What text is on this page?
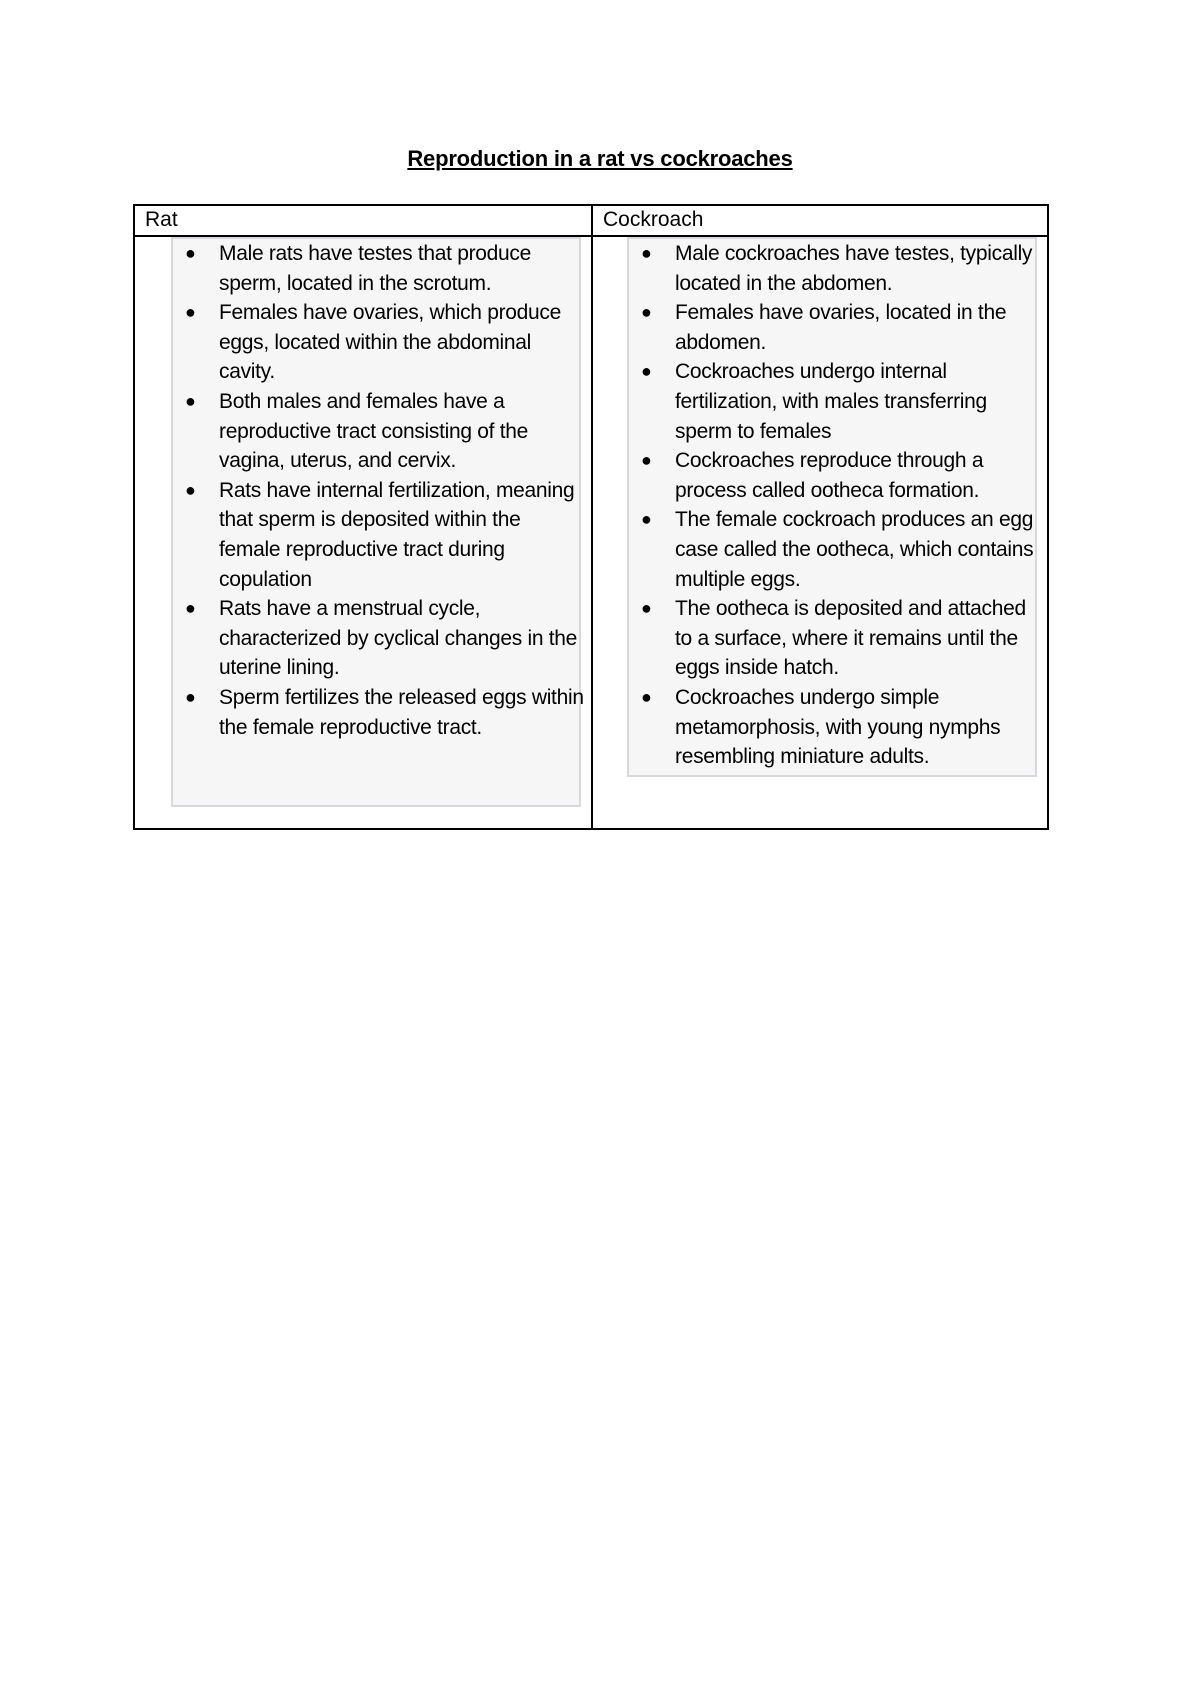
Reproduction in a rat vs cockroaches
Rat	Cockroach
● Male rats have testes that produce sperm, located in the scrotum.
● Females have ovaries, which produce eggs, located within the abdominal cavity.
● Both males and females have a reproductive tract consisting of the vagina, uterus, and cervix.
● Rats have internal fertilization, meaning that sperm is deposited within the female reproductive tract during copulation
● Rats have a menstrual cycle, characterized by cyclical changes in the uterine lining.
● Sperm fertilizes the released eggs within the female reproductive tract.
● Male cockroaches have testes, typically located in the abdomen.
● Females have ovaries, located in the abdomen.
● Cockroaches undergo internal fertilization, with males transferring sperm to females
● Cockroaches reproduce through a process called ootheca formation.
● The female cockroach produces an egg case called the ootheca, which contains multiple eggs.
● The ootheca is deposited and attached to a surface, where it remains until the eggs inside hatch.
● Cockroaches undergo simple metamorphosis, with young nymphs resembling miniature adults.
